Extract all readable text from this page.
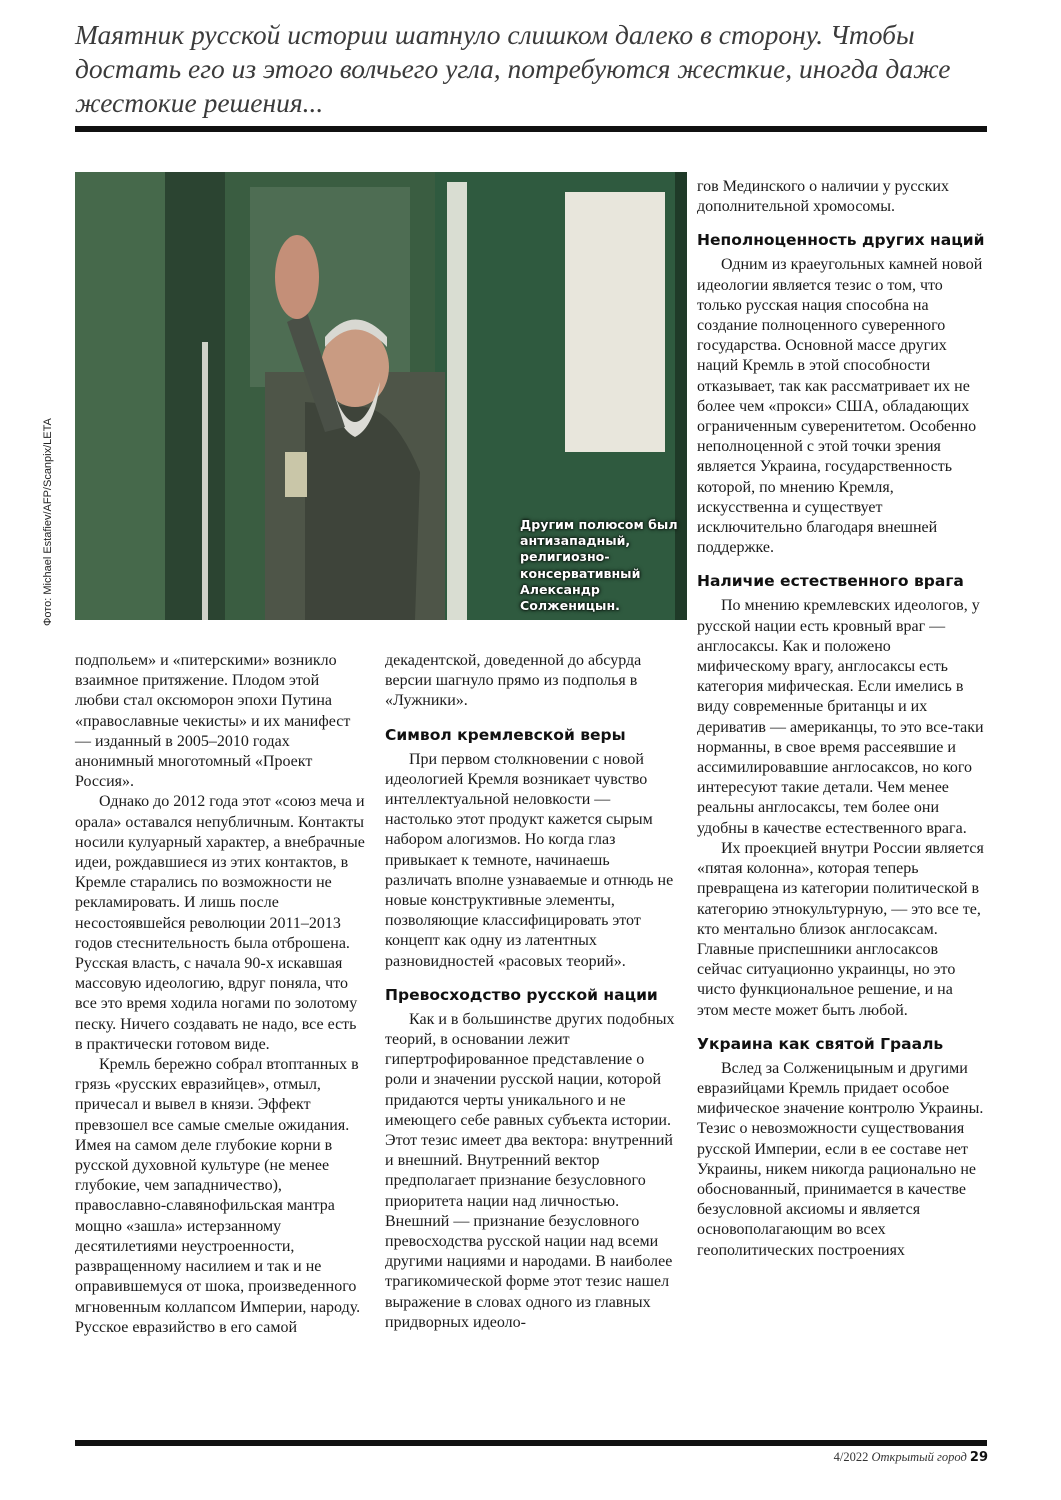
Маятник русской истории шатнуло слишком далеко в сторону. Чтобы достать его из этого волчьего угла, потребуются жесткие, иногда даже жестокие решения...

Другим полюсом был антизападный, религиозно-консервативный Александр Солженицын.

Фото: Michael Estafiev/AFP/Scanpix/LETA

подпольем» и «питерскими» возникло взаимное притяжение. Плодом этой любви стал оксюморон эпохи Путина «православные чекисты» и их манифест — изданный в 2005–2010 годах анонимный многотомный «Проект Россия».

Однако до 2012 года этот «союз меча и орала» оставался непубличным. Контакты носили кулуарный характер, а внебрачные идеи, рождавшиеся из этих контактов, в Кремле старались по возможности не рекламировать. И лишь после несостоявшейся революции 2011–2013 годов стеснительность была отброшена. Русская власть, с начала 90-х искавшая массовую идеологию, вдруг поняла, что все это время ходила ногами по золотому песку. Ничего создавать не надо, все есть в практически готовом виде.

Кремль бережно собрал втоптанных в грязь «русских евразийцев», отмыл, причесал и вывел в князи. Эффект превзошел все самые смелые ожидания. Имея на самом деле глубокие корни в русской духовной культуре (не менее глубокие, чем западничество), православно-славянофильская мантра мощно «зашла» истерзанному десятилетиями неустроенности, развращенному насилием и так и не оправившемуся от шока, произведенного мгновенным коллапсом Империи, народу. Русское евразийство в его самой

декадентской, доведенной до абсурда версии шагнуло прямо из подполья в «Лужники».

Символ кремлевской веры

При первом столкновении с новой идеологией Кремля возникает чувство интеллектуальной неловкости — настолько этот продукт кажется сырым набором алогизмов. Но когда глаз привыкает к темноте, начинаешь различать вполне узнаваемые и отнюдь не новые конструктивные элементы, позволяющие классифицировать этот концепт как одну из латентных разновидностей «расовых теорий».

Превосходство русской нации

Как и в большинстве других подобных теорий, в основании лежит гипертрофированное представление о роли и значении русской нации, которой придаются черты уникального и не имеющего себе равных субъекта истории. Этот тезис имеет два вектора: внутренний и внешний. Внутренний вектор предполагает признание безусловного приоритета нации над личностью. Внешний — признание безусловного превосходства русской нации над всеми другими нациями и народами. В наиболее трагикомической форме этот тезис нашел выражение в словах одного из главных придворных идеоло-

гов Мединского о наличии у русских дополнительной хромосомы.

Неполноценность других наций

Одним из краеугольных камней новой идеологии является тезис о том, что только русская нация способна на создание полноценного суверенного государства. Основной массе других наций Кремль в этой способности отказывает, так как рассматривает их не более чем «прокси» США, обладающих ограниченным суверенитетом. Особенно неполноценной с этой точки зрения является Украина, государственность которой, по мнению Кремля, искусственна и существует исключительно благодаря внешней поддержке.

Наличие естественного врага

По мнению кремлевских идеологов, у русской нации есть кровный враг — англосаксы. Как и положено мифическому врагу, англосаксы есть категория мифическая. Если имелись в виду современные британцы и их дериватив — американцы, то это все-таки норманны, в свое время рассеявшие и ассимилировавшие англосаксов, но кого интересуют такие детали. Чем менее реальны англосаксы, тем более они удобны в качестве естественного врага.

Их проекцией внутри России является «пятая колонна», которая теперь превращена из категории политической в категорию этнокультурную, — это все те, кто ментально близок англосаксам. Главные приспешники англосаксов сейчас ситуационно украинцы, но это чисто функциональное решение, и на этом месте может быть любой.

Украина как святой Грааль

Вслед за Солженицыным и другими евразийцами Кремль придает особое мифическое значение контролю Украины. Тезис о невозможности существования русской Империи, если в ее составе нет Украины, никем никогда рационально не обоснованный, принимается в качестве безусловной аксиомы и является основополагающим во всех геополитических построениях

4/2022 Открытый город 29
